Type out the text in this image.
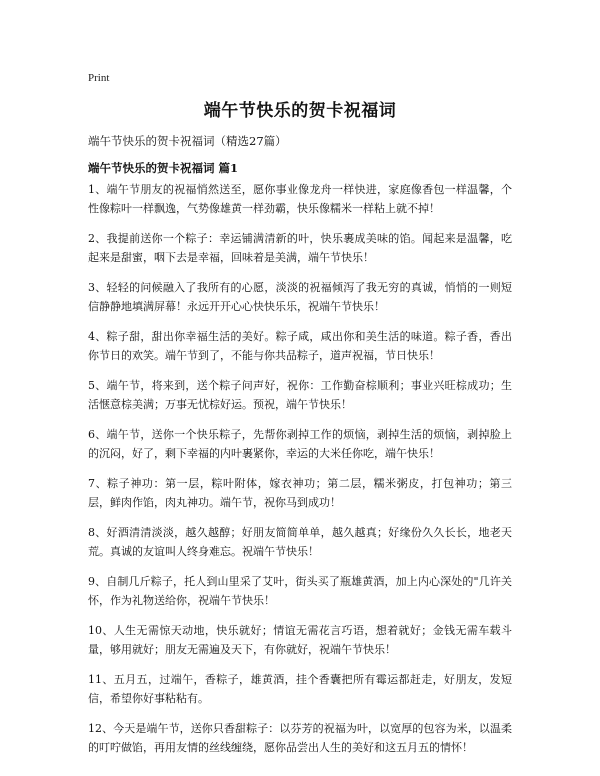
Print
端午节快乐的贺卡祝福词
端午节快乐的贺卡祝福词（精选27篇）
端午节快乐的贺卡祝福词 篇1

1、端午节朋友的祝福悄然送至，愿你事业像龙舟一样快进，家庭像香包一样温馨，个性像粽叶一样飘逸，气势像雄黄一样劲霸，快乐像糯米一样粘上就不掉！

2、我提前送你一个粽子：幸运铺满清新的叶，快乐裹成美味的馅。闻起来是温馨，吃起来是甜蜜，咽下去是幸福，回味着是美满，端午节快乐！

3、轻轻的问候融入了我所有的心愿，淡淡的祝福倾泻了我无穷的真诚，悄悄的一则短信静静地填满屏幕！永远开开心心快快乐乐，祝端午节快乐！

4、粽子甜，甜出你幸福生活的美好。粽子咸，咸出你和美生活的味道。粽子香，香出你节日的欢笑。端午节到了，不能与你共品粽子，道声祝福，节日快乐！

5、端午节，将来到，送个粽子问声好，祝你：工作勤奋棕顺利；事业兴旺棕成功；生活惬意棕美满；万事无忧棕好运。预祝，端午节快乐！

6、端午节，送你一个快乐粽子，先帮你剥掉工作的烦恼，剥掉生活的烦恼，剥掉脸上的沉闷，好了，剩下幸福的内叶裹紧你，幸运的大米任你吃，端午快乐！

7、粽子神功：第一层，粽叶附体，嫁衣神功；第二层，糯米粥皮，打包神功；第三层，鲜肉作馅，肉丸神功。端午节，祝你马到成功！

8、好酒清清淡淡，越久越醇；好朋友简简单单，越久越真；好缘份久久长长，地老天荒。真诚的友谊叫人终身难忘。祝端午节快乐！

9、自制几斤粽子，托人到山里采了艾叶，街头买了瓶雄黄酒，加上内心深处的"几许关怀，作为礼物送给你，祝端午节快乐！

10、人生无需惊天动地，快乐就好；情谊无需花言巧语，想着就好；金钱无需车载斗量，够用就好；朋友无需遍及天下，有你就好，祝端午节快乐！

11、五月五，过端午，香粽子，雄黄酒，挂个香囊把所有霉运都赶走，好朋友，发短信，希望你好事粘粘有。

12、今天是端午节，送你只香甜粽子：以芬芳的祝福为叶，以宽厚的包容为米，以温柔的叮咛做馅，再用友情的丝线缠绕，愿你品尝出人生的美好和这五月五的情怀！
